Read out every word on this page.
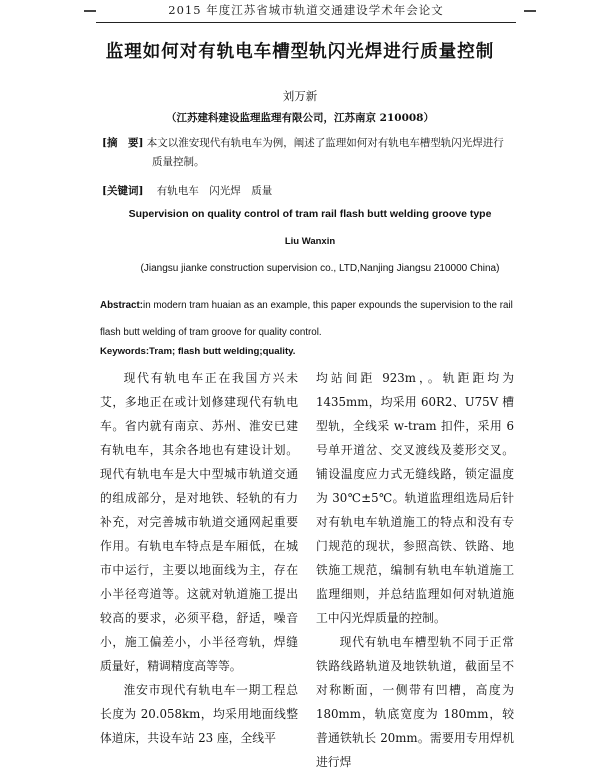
2015 年度江苏省城市轨道交通建设学术年会论文
监理如何对有轨电车槽型轨闪光焊进行质量控制
刘万新
（江苏建科建设监理监理有限公司，江苏南京 210008）
[摘　要] 本文以淮安现代有轨电车为例，阐述了监理如何对有轨电车槽型轨闪光焊进行
质量控制。
[关键词] 有轨电车　闪光焊　质量
Supervision on quality control of tram rail flash butt welding groove type
Liu Wanxin
(Jiangsu jianke construction supervision co., LTD,Nanjing Jiangsu 210000 China)
Abstract:in modern tram huaian as an example, this paper expounds the supervision to the rail flash butt welding of tram groove for quality control.
Keywords:Tram; flash butt welding;quality.

现代有轨电车正在我国方兴未艾，多地正在或计划修建现代有轨电车。省内就有南京、苏州、淮安已建有轨电车，其余各地也有建设计划。现代有轨电车是大中型城市轨道交通的组成部分，是对地铁、轻轨的有力补充，对完善城市轨道交通网起重要作用。有轨电车特点是车厢低，在城市中运行，主要以地面线为主，存在小半径弯道等。这就对轨道施工提出较高的要求，必须平稳，舒适，噪音小，施工偏差小，小半径弯轨，焊缝质量好，精调精度高等等。

淮安市现代有轨电车一期工程总长度为 20.058km，均采用地面线整体道床，共设车站 23 座，全线平

均站间距 923m，。轨距距均为 1435mm，均采用 60R2、U75V 槽型轨，全线采 w-tram 扣件，采用 6 号单开道岔、交叉渡线及菱形交叉。铺设温度应力式无缝线路，锁定温度为 30℃±5℃。轨道监理组选局后针对有轨电车轨道施工的特点和没有专门规范的现状，参照高铁、铁路、地铁施工规范，编制有轨电车轨道施工监理细则，并总结监理如何对轨道施工中闪光焊质量的控制。

现代有轨电车槽型轨不同于正常铁路线路轨道及地铁轨道，截面呈不对称断面，一侧带有凹槽，高度为 180mm，轨底宽度为 180mm，较普通铁轨长 20mm。需要用专用焊机进行焊
